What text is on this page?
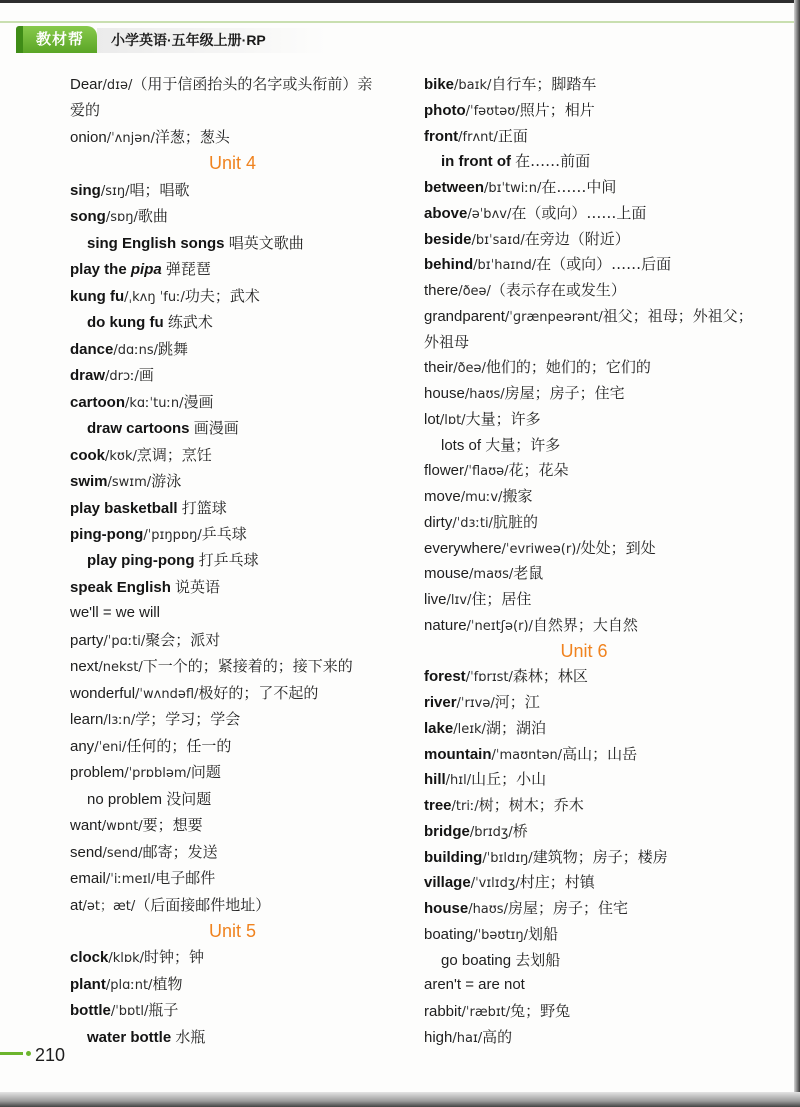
教材帮	小学英语·五年级上册·RP
Dear/dɪə/（用于信函抬头的名字或头衔前）亲
爱的
onion/ˈʌnjən/洋葱；葱头
Unit 4
sing/sɪŋ/唱；唱歌
song/sɒŋ/歌曲
sing English songs 唱英文歌曲
play the pipa 弹琵琶
kung fu/ˌkʌŋ ˈfuː/功夫；武术
do kung fu 练武术
dance/dɑːns/跳舞
draw/drɔː/画
cartoon/kɑːˈtuːn/漫画
draw cartoons 画漫画
cook/kʊk/烹调；烹饪
swim/swɪm/游泳
play basketball 打篮球
ping-pong/ˈpɪŋpɒŋ/乒乓球
play ping-pong 打乒乓球
speak English 说英语
we'll = we will
party/ˈpɑːti/聚会；派对
next/nekst/下一个的；紧接着的；接下来的
wonderful/ˈwʌndəfl/极好的；了不起的
learn/lɜːn/学；学习；学会
any/ˈeni/任何的；任一的
problem/ˈprɒbləm/问题
no problem 没问题
want/wɒnt/要；想要
send/send/邮寄；发送
email/ˈiːmeɪl/电子邮件
at/ət；æt/（后面接邮件地址）
Unit 5
clock/klɒk/时钟；钟
plant/plɑːnt/植物
bottle/ˈbɒtl/瓶子
water bottle 水瓶
bike/baɪk/自行车；脚踏车
photo/ˈfəʊtəʊ/照片；相片
front/frʌnt/正面
in front of 在……前面
between/bɪˈtwiːn/在……中间
above/əˈbʌv/在（或向）……上面
beside/bɪˈsaɪd/在旁边（附近）
behind/bɪˈhaɪnd/在（或向）……后面
there/ðeə/（表示存在或发生）
grandparent/ˈɡrænpeərənt/祖父；祖母；外祖父；
外祖母
their/ðeə/他们的；她们的；它们的
house/haʊs/房屋；房子；住宅
lot/lɒt/大量；许多
lots of 大量；许多
flower/ˈflaʊə/花；花朵
move/muːv/搬家
dirty/ˈdɜːti/肮脏的
everywhere/ˈevriweə(r)/处处；到处
mouse/maʊs/老鼠
live/lɪv/住；居住
nature/ˈneɪtʃə(r)/自然界；大自然
Unit 6
forest/ˈfɒrɪst/森林；林区
river/ˈrɪvə/河；江
lake/leɪk/湖；湖泊
mountain/ˈmaʊntən/高山；山岳
hill/hɪl/山丘；小山
tree/triː/树；树木；乔木
bridge/brɪdʒ/桥
building/ˈbɪldɪŋ/建筑物；房子；楼房
village/ˈvɪlɪdʒ/村庄；村镇
house/haʊs/房屋；房子；住宅
boating/ˈbəʊtɪŋ/划船
go boating 去划船
aren't = are not
rabbit/ˈræbɪt/兔；野兔
high/haɪ/高的
210
